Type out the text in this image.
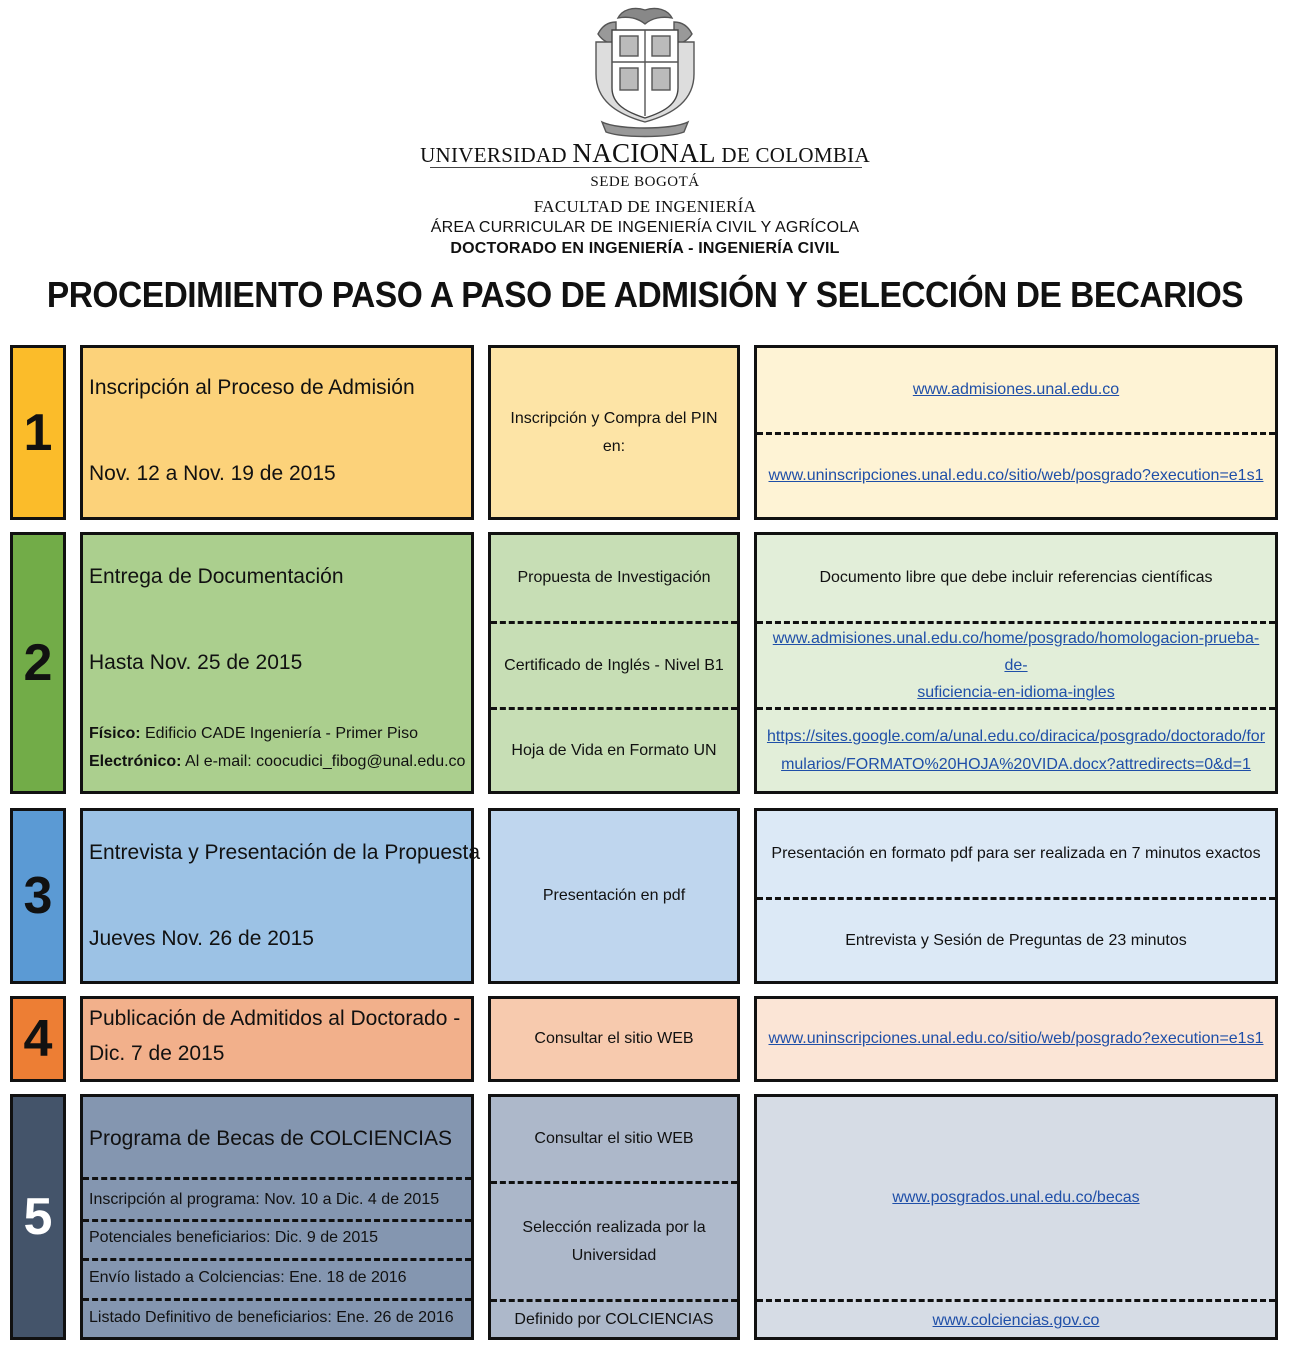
UNIVERSIDAD NACIONAL DE COLOMBIA
SEDE BOGOTÁ
FACULTAD DE INGENIERÍA
ÁREA CURRICULAR DE INGENIERÍA CIVIL Y AGRÍCOLA
DOCTORADO EN INGENIERÍA - INGENIERÍA CIVIL
PROCEDIMIENTO PASO A PASO DE ADMISIÓN Y SELECCIÓN DE BECARIOS
1
Inscripción al Proceso de Admisión
Nov. 12 a Nov. 19 de 2015
Inscripción y Compra del PIN en:
www.admisiones.unal.edu.co
www.uninscripciones.unal.edu.co/sitio/web/posgrado?execution=e1s1
2
Entrega de Documentación
Hasta Nov. 25 de 2015
Físico: Edificio CADE Ingeniería - Primer Piso
Electrónico: Al e-mail: coocudici_fibog@unal.edu.co
Propuesta de Investigación
Certificado de Inglés - Nivel B1
Hoja de Vida en Formato UN
Documento libre que debe incluir referencias científicas
www.admisiones.unal.edu.co/home/posgrado/homologacion-prueba-de-
suficiencia-en-idioma-ingles
https://sites.google.com/a/unal.edu.co/diracica/posgrado/doctorado/for
mularios/FORMATO%20HOJA%20VIDA.docx?attredirects=0&d=1
3
Entrevista y Presentación de la Propuesta
Jueves Nov. 26 de 2015
Presentación en pdf
Presentación en formato pdf para ser realizada en 7 minutos exactos
Entrevista y Sesión de Preguntas de 23 minutos
4 Publicación de Admitidos al Doctorado -
Dic. 7 de 2015
Consultar el sitio WEB	www.uninscripciones.unal.edu.co/sitio/web/posgrado?execution=e1s1
5
Programa de Becas de COLCIENCIAS
Inscripción al programa: Nov. 10 a Dic. 4 de 2015
Potenciales beneficiarios: Dic. 9 de 2015
Envío listado a Colciencias: Ene. 18 de 2016
Listado Definitivo de beneficiarios: Ene. 26 de 2016
Consultar el sitio WEB
Selección realizada por la
Universidad
Definido por COLCIENCIAS
www.posgrados.unal.edu.co/becas
www.colciencias.gov.co
